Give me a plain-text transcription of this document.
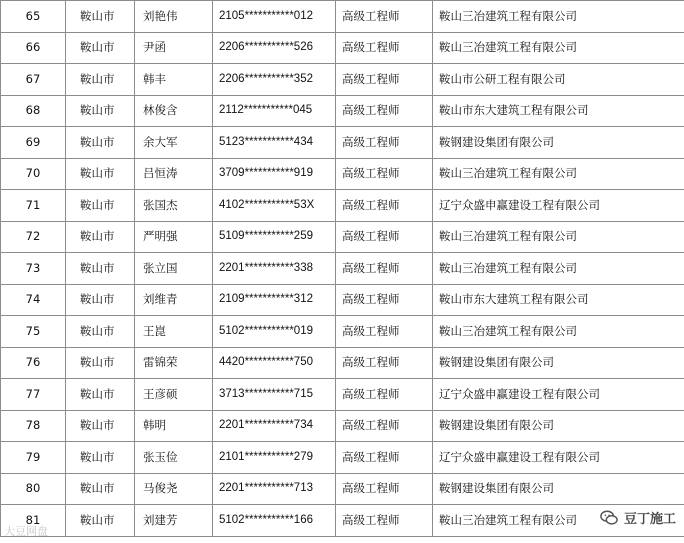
65	鞍山市	刘艳伟	2105***********012	高级工程师	鞍山三冶建筑工程有限公司
66	鞍山市	尹函	2206***********526	高级工程师	鞍山三冶建筑工程有限公司
67	鞍山市	韩丰	2206***********352	高级工程师	鞍山市公研工程有限公司
68	鞍山市	林俊含	2112***********045	高级工程师	鞍山市东大建筑工程有限公司
69	鞍山市	余大军	5123***********434	高级工程师	鞍钢建设集团有限公司
70	鞍山市	吕恒涛	3709***********919	高级工程师	鞍山三冶建筑工程有限公司
71	鞍山市	张国杰	4102***********53X	高级工程师	辽宁众盛申赢建设工程有限公司
72	鞍山市	严明强	5109***********259	高级工程师	鞍山三冶建筑工程有限公司
73	鞍山市	张立国	2201***********338	高级工程师	鞍山三冶建筑工程有限公司
74	鞍山市	刘维青	2109***********312	高级工程师	鞍山市东大建筑工程有限公司
75	鞍山市	王崑	5102***********019	高级工程师	鞍山三冶建筑工程有限公司
76	鞍山市	雷锦荣	4420***********750	高级工程师	鞍钢建设集团有限公司
77	鞍山市	王彦硕	3713***********715	高级工程师	辽宁众盛申赢建设工程有限公司
78	鞍山市	韩明	2201***********734	高级工程师	鞍钢建设集团有限公司
79	鞍山市	张玉俭	2101***********279	高级工程师	辽宁众盛申赢建设工程有限公司
80	鞍山市	马俊尧	2201***********713	高级工程师	鞍钢建设集团有限公司
81	鞍山市	刘建芳	5102***********166	高级工程师	鞍山三冶建筑工程有限公司
大豆网盘
豆丁施工
